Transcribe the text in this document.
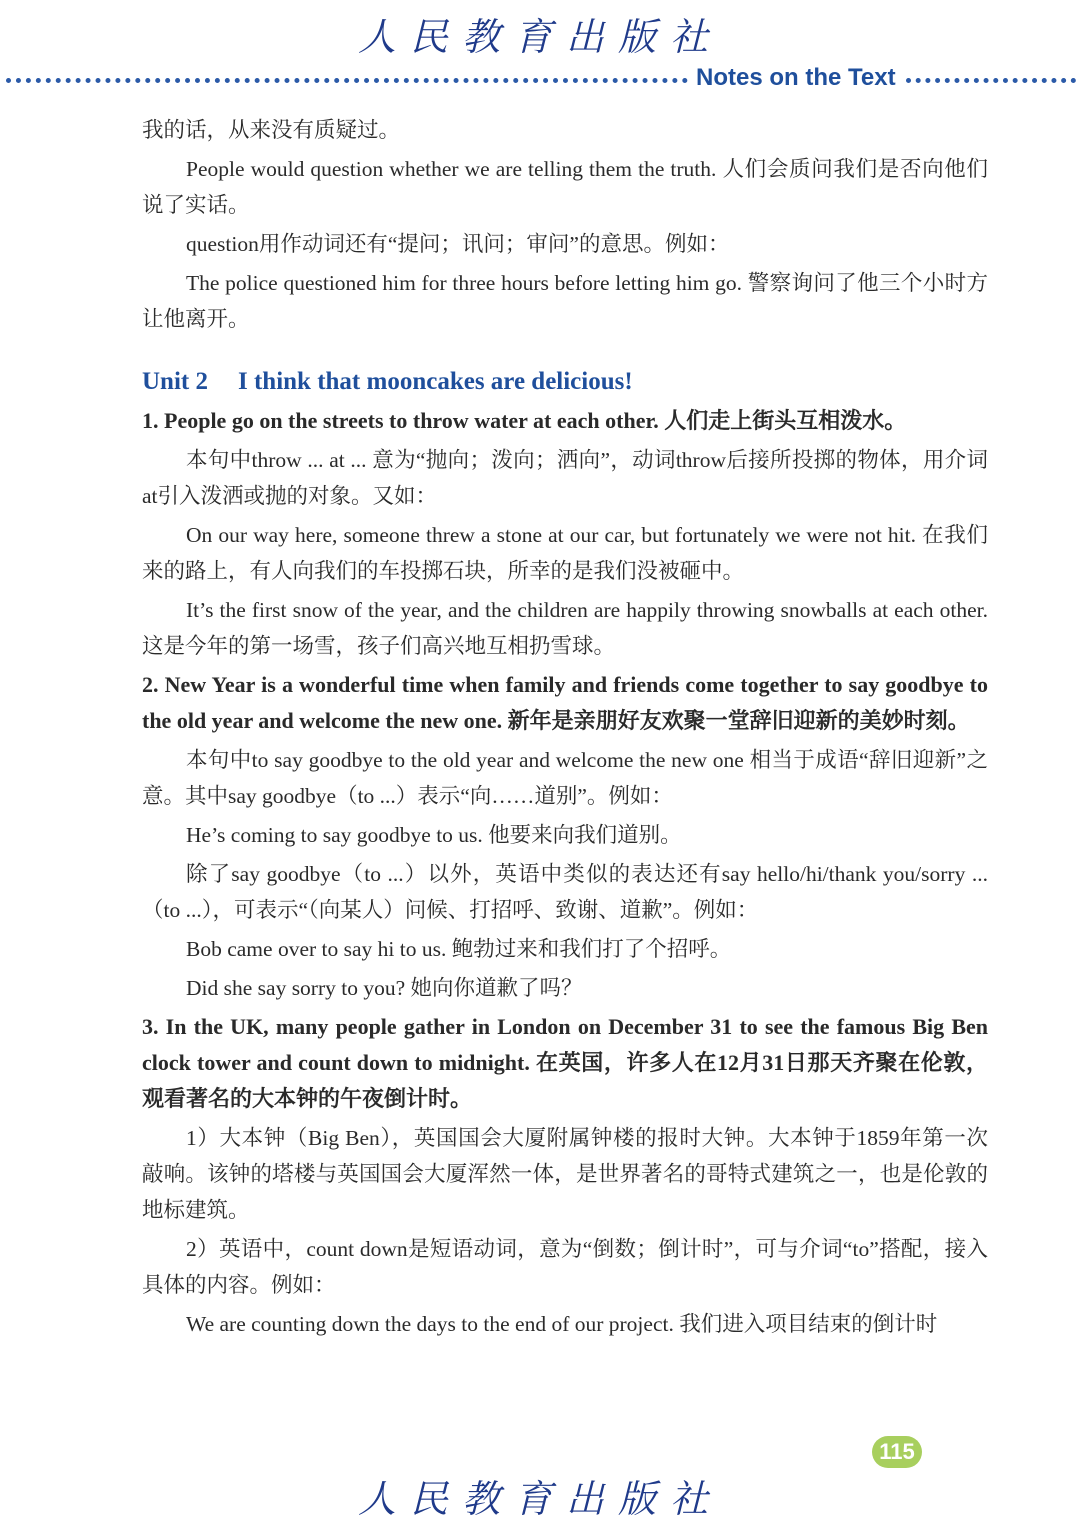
人民教育出版社
Notes on the Text

我的话，从来没有质疑过。

People would question whether we are telling them the truth. 人们会质问我们是否向他们说了实话。

question用作动词还有“提问；讯问；审问”的意思。例如：

The police questioned him for three hours before letting him go. 警察询问了他三个小时方让他离开。

Unit 2 I think that mooncakes are delicious!

1. People go on the streets to throw water at each other. 人们走上街头互相泼水。

本句中throw ... at ... 意为“抛向；泼向；洒向”，动词throw后接所投掷的物体，用介词at引入泼洒或抛的对象。又如：

On our way here, someone threw a stone at our car, but fortunately we were not hit. 在我们来的路上，有人向我们的车投掷石块，所幸的是我们没被砸中。

It’s the first snow of the year, and the children are happily throwing snowballs at each other. 这是今年的第一场雪，孩子们高兴地互相扔雪球。

2. New Year is a wonderful time when family and friends come together to say goodbye to the old year and welcome the new one. 新年是亲朋好友欢聚一堂辞旧迎新的美妙时刻。

本句中to say goodbye to the old year and welcome the new one 相当于成语“辞旧迎新”之意。其中say goodbye（to ...）表示“向……道别”。例如：

He’s coming to say goodbye to us. 他要来向我们道别。

除了say goodbye（to ...）以外，英语中类似的表达还有say hello/hi/thank you/sorry ...（to ...），可表示“（向某人）问候、打招呼、致谢、道歉”。例如：

Bob came over to say hi to us. 鲍勃过来和我们打了个招呼。

Did she say sorry to you? 她向你道歉了吗？

3. In the UK, many people gather in London on December 31 to see the famous Big Ben clock tower and count down to midnight. 在英国，许多人在12月31日那天齐聚在伦敦，观看著名的大本钟的午夜倒计时。

1）大本钟（Big Ben），英国国会大厦附属钟楼的报时大钟。大本钟于1859年第一次敲响。该钟的塔楼与英国国会大厦浑然一体，是世界著名的哥特式建筑之一，也是伦敦的地标建筑。

2）英语中，count down是短语动词，意为“倒数；倒计时”，可与介词“to”搭配，接入具体的内容。例如：

We are counting down the days to the end of our project. 我们进入项目结束的倒计时

115
人民教育出版社
